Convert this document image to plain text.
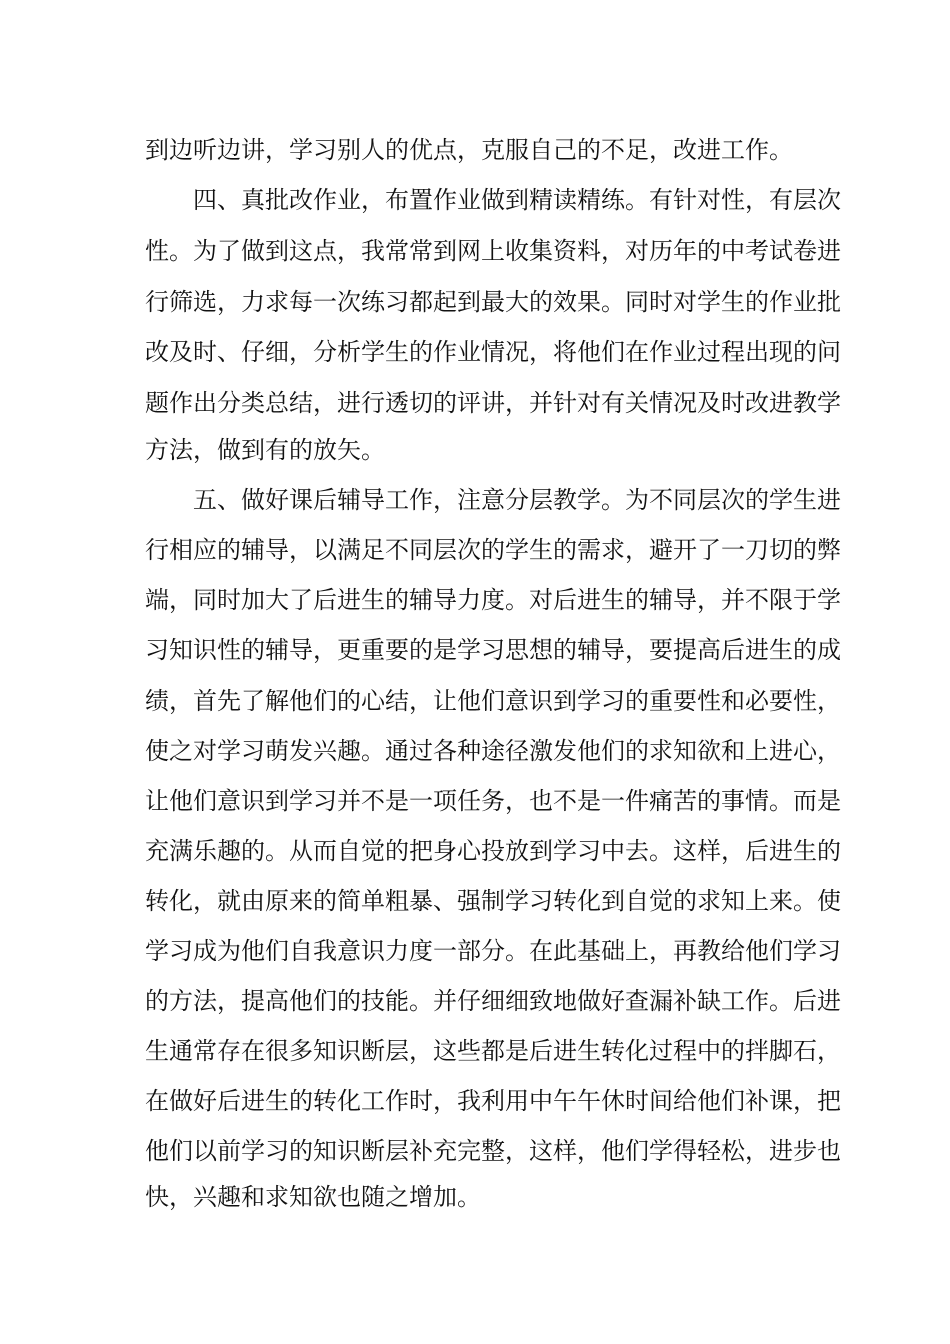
到边听边讲，学习别人的优点，克服自己的不足，改进工作。
四、真批改作业，布置作业做到精读精练。有针对性，有层次
性。为了做到这点，我常常到网上收集资料，对历年的中考试卷进
行筛选，力求每一次练习都起到最大的效果。同时对学生的作业批
改及时、仔细，分析学生的作业情况，将他们在作业过程出现的问
题作出分类总结，进行透切的评讲，并针对有关情况及时改进教学
方法，做到有的放矢。
五、做好课后辅导工作，注意分层教学。为不同层次的学生进
行相应的辅导，以满足不同层次的学生的需求，避开了一刀切的弊
端，同时加大了后进生的辅导力度。对后进生的辅导，并不限于学
习知识性的辅导，更重要的是学习思想的辅导，要提高后进生的成
绩，首先了解他们的心结，让他们意识到学习的重要性和必要性，
使之对学习萌发兴趣。通过各种途径激发他们的求知欲和上进心，
让他们意识到学习并不是一项任务，也不是一件痛苦的事情。而是
充满乐趣的。从而自觉的把身心投放到学习中去。这样，后进生的
转化，就由原来的简单粗暴、强制学习转化到自觉的求知上来。使
学习成为他们自我意识力度一部分。在此基础上，再教给他们学习
的方法，提高他们的技能。并仔细细致地做好查漏补缺工作。后进
生通常存在很多知识断层，这些都是后进生转化过程中的拌脚石，
在做好后进生的转化工作时，我利用中午午休时间给他们补课，把
他们以前学习的知识断层补充完整，这样，他们学得轻松，进步也
快，兴趣和求知欲也随之增加。
